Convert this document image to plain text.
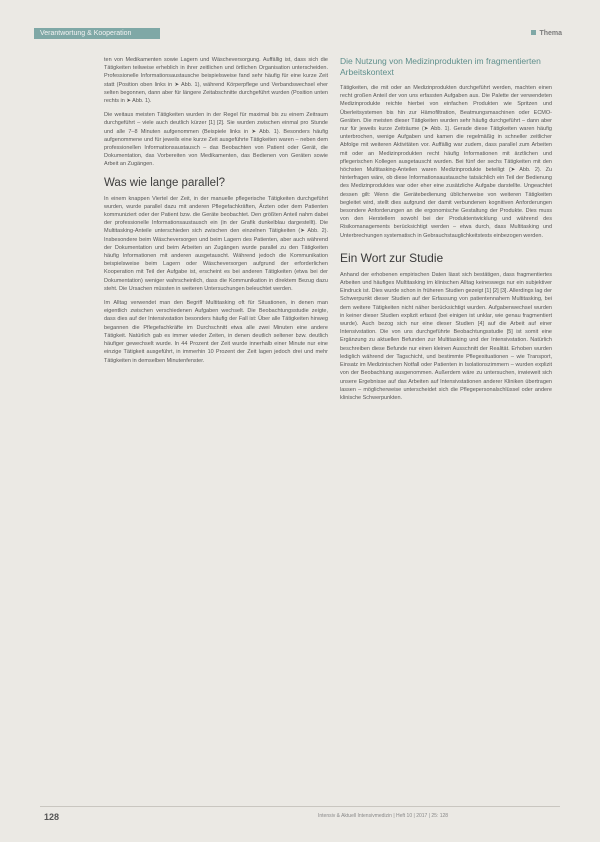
Verantwortung & Kooperation	Thema

ten von Medikamenten sowie Lagern und Wäscheversorgung. Auffällig ist, dass sich die Tätigkeiten teilweise erheblich in ihrer zeitlichen und örtlichen Organisation unterscheiden. Professionelle Informationsaustausche beispielsweise fand sehr häufig für eine kurze Zeit statt (Position oben links in ➤ Abb. 1), während Körperpflege und Verbandswechsel eher selten begonnen, dann aber für längere Zeitabschnitte durchgeführt wurden (Position unten rechts in ➤ Abb. 1).

Die weitaus meisten Tätigkeiten wurden in der Regel für maximal bis zu einem Zeitraum durchgeführt – viele auch deutlich kürzer [1] [2]. Sie wurden zwischen einmal pro Stunde und alle 7–8 Minuten aufgenommen (Beispiele links in ➤ Abb. 1). Besonders häufig aufgenommene und für jeweils eine kurze Zeit ausgeführte Tätigkeiten waren – neben dem professionellen Informationsaustausch – das Beobachten von Patient oder Gerät, die Dokumentation, das Vorbereiten von Medikamenten, das Bedienen von Geräten sowie Arbeit an Zugängen.

Was wie lange parallel?

In einem knappen Viertel der Zeit, in der manuelle pflegerische Tätigkeiten durchgeführt wurden, wurde parallel dazu mit anderen Pflegefachkräften, Ärzten oder dem Patienten kommuniziert oder der Patient bzw. die Geräte beobachtet. Den größten Anteil nahm dabei der professionelle Informationsaustausch ein (in der Grafik dunkelblau dargestellt). Die Multitasking-Anteile unterschieden sich zwischen den einzelnen Tätigkeiten (➤ Abb. 2). Insbesondere beim Wäscheversorgen und beim Lagern des Patienten, aber auch während der Dokumentation und beim Arbeiten an Zugängen wurde parallel zu den Tätigkeiten häufig Informationen mit anderen ausgetauscht. Während jedoch die Kommunikation beispielsweise beim Lagern oder Wäscheversorgen aufgrund der erforderlichen Kooperation mit Teil der Aufgabe ist, erscheint es bei anderen Tätigkeiten (etwa bei der Dokumentation) weniger wahrscheinlich, dass die Kommunikation in direktem Bezug dazu steht. Die Ursachen müssten in weiteren Untersuchungen beleuchtet werden.

Im Alltag verwendet man den Begriff Multitasking oft für Situationen, in denen man eigentlich zwischen verschiedenen Aufgaben wechselt. Die Beobachtungsstudie zeigte, dass dies auf der Intensivstation besonders häufig der Fall ist: Über alle Tätigkeiten hinweg begannen die Pflegefachkräfte im Durchschnitt etwa alle zwei Minuten eine andere Tätigkeit. Natürlich gab es immer wieder Zeiten, in denen deutlich seltener bzw. deutlich häufiger gewechselt wurde. In 44 Prozent der Zeit wurde innerhalb einer Minute nur eine einzige Tätigkeit ausgeführt, in immerhin 10 Prozent der Zeit lagen jedoch drei und mehr Tätigkeiten in demselben Minutenfenster.

Die Nutzung von Medizinprodukten im fragmentierten Arbeitskontext

Tätigkeiten, die mit oder an Medizinprodukten durchgeführt werden, machten einen recht großen Anteil der von uns erfassten Aufgaben aus. Die Palette der verwendeten Medizinprodukte reichte hierbei von einfachen Produkten wie Spritzen und Überleitsystemen bis hin zur Hämofiltration, Beatmungsmaschinen oder ECMO-Geräten. Die meisten dieser Tätigkeiten wurden sehr häufig durchgeführt – dann aber nur für jeweils kurze Zeiträume (➤ Abb. 1). Gerade diese Tätigkeiten waren häufig unterbrochen, wenige Aufgaben und kamen die regelmäßig in schneller zeitlicher Abfolge mit weiteren Aktivitäten vor. Auffällig war zudem, dass parallel zum Arbeiten mit oder an Medizinprodukten recht häufig Informationen mit ärztlichen und pflegerischen Kollegen ausgetauscht wurden. Bei fünf der sechs Tätigkeiten mit den höchsten Multitasking-Anteilen waren Medizinprodukte beteiligt (➤ Abb. 2). Zu hinterfragen wäre, ob diese Informationsaustausche tatsächlich ein Teil der Bedienung des Medizinproduktes war oder eher eine zusätzliche Aufgabe darstellte. Ungeachtet dessen gilt: Wenn die Gerätebedienung üblicherweise von weiteren Tätigkeiten begleitet wird, stellt dies aufgrund der damit verbundenen kognitiven Anforderungen besondere Anforderungen an die ergonomische Gestaltung der Produkte. Dies muss von den Herstellern sowohl bei der Produktentwicklung und während des Risikomanagements berücksichtigt werden – etwa durch, dass Multitasking und Unterbrechungen systematisch in Gebrauchstauglichkeitstests einbezogen werden.

Ein Wort zur Studie

Anhand der erhobenen empirischen Daten lässt sich bestätigen, dass fragmentiertes Arbeiten und häufiges Multitasking im klinischen Alltag keineswegs nur ein subjektiver Eindruck ist. Dies wurde schon in früheren Studien gezeigt [1] [2] [3]. Allerdings lag der Schwerpunkt dieser Studien auf der Erfassung von patientennahem Multitasking, bei dem weitere Tätigkeiten nicht näher berücksichtigt wurden. Aufgabenwechsel wurden in keiner dieser Studien explizit erfasst (bei einigen ist unklar, wie genau fragmentiert wurde). Auch bezog sich nur eine dieser Studien [4] auf die Arbeit auf einer Intensivstation. Die von uns durchgeführte Beobachtungsstudie [5] ist somit eine Ergänzung zu aktuellen Befunden zur Multitasking und der Intensivstation. Natürlich beschreiben diese Befunde nur einen kleinen Ausschnitt der Realität. Erhoben wurden lediglich während der Tagschicht, und bestimmte Pflegesituationen – wie Transport, Einsatz im Medizinischen Notfall oder Patienten in Isolationszimmern – wurden explizit von der Beobachtung ausgenommen. Außerdem wäre zu untersuchen, inwieweit sich unsere Ergebnisse auf das Arbeiten auf Intensivstationen anderer Kliniken übertragen lassen – möglicherweise unterscheidet sich die Pflegepersonalschlüssel oder andere klinische Schwerpunkten.

128	Intensiv & Aktuell Intensivmedizin | Heft 10 | 2017 | 25: 128
